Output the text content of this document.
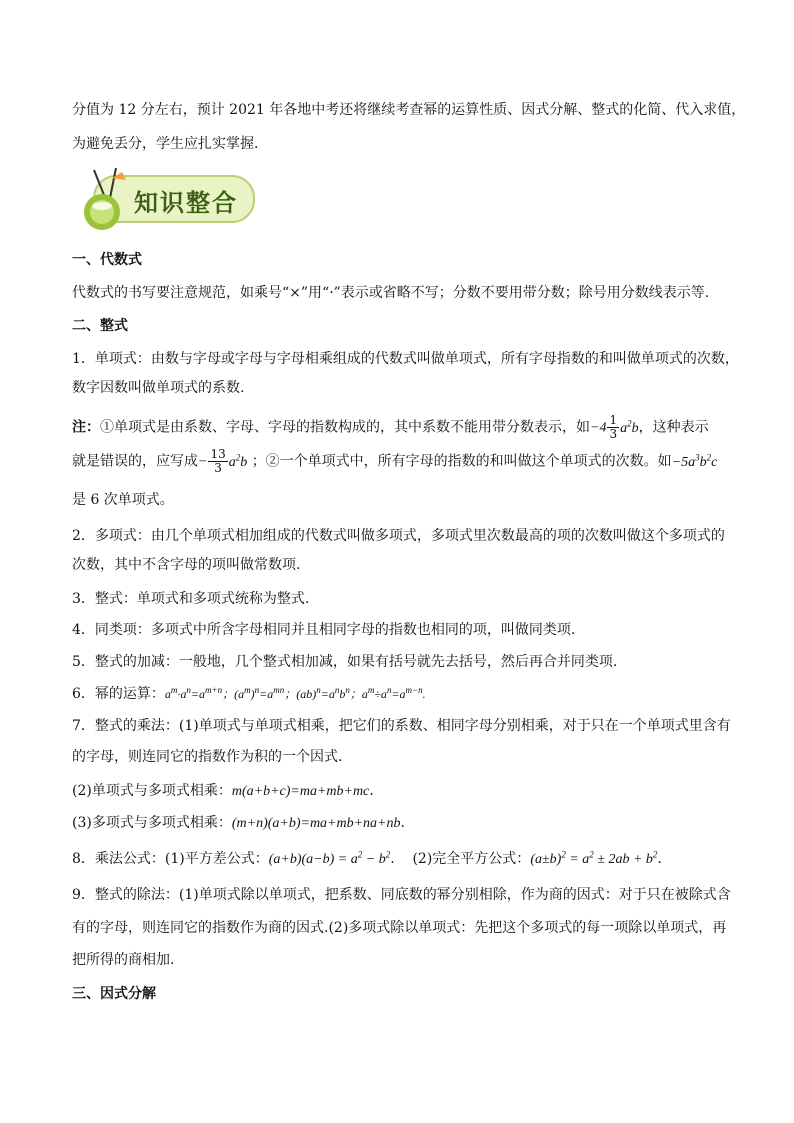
分值为 12 分左右，预计 2021 年各地中考还将继续考查幂的运算性质、因式分解、整式的化简、代入求值，
为避免丢分，学生应扎实掌握.
知识整合
一、代数式
代数式的书写要注意规范，如乘号“×”用“·”表示或省略不写；分数不要用带分数；除号用分数线表示等.
二、整式
1．单项式：由数与字母或字母与字母相乘组成的代数式叫做单项式，所有字母指数的和叫做单项式的次数，
数字因数叫做单项式的系数.
注：①单项式是由系数、字母、字母的指数构成的，其中系数不能用带分数表示，如$-4 \frac{1}{3} a^2b$，这种表示
就是错误的，应写成− $\frac{13}{3} a^2b$ ；②一个单项式中，所有字母的指数的和叫做这个单项式的次数。如$-5a^3b^2c$
是 6 次单项式。
2．多项式：由几个单项式相加组成的代数式叫做多项式，多项式里次数最高的项的次数叫做这个多项式的
次数，其中不含字母的项叫做常数项.
3．整式：单项式和多项式统称为整式.
4．同类项：多项式中所含字母相同并且相同字母的指数也相同的项，叫做同类项.
5．整式的加减：一般地，几个整式相加减，如果有括号就先去括号，然后再合并同类项.
6．幂的运算：$a^m\cdot a^n=a^{m+n}$；$(a^m)^n=a^{mn}$；$(ab)^n=a^nb^n$；$a^m\div a^n=a^{m-n}$.
7．整式的乘法：(1)单项式与单项式相乘，把它们的系数、相同字母分别相乘，对于只在一个单项式里含有
的字母，则连同它的指数作为积的一个因式.
(2)单项式与多项式相乘：m(a+b+c)=ma+mb+mc.
(3)多项式与多项式相乘：(m+n)(a+b)=ma+mb+na+nb.
8．乘法公式：(1)平方差公式：$(a+b)(a-b) = a^2 - b^2$.    (2)完全平方公式：$(a\pm b)^2 = a^2 \pm 2ab + b^2$.
9．整式的除法：(1)单项式除以单项式，把系数、同底数的幂分别相除，作为商的因式：对于只在被除式含
有的字母，则连同它的指数作为商的因式.(2)多项式除以单项式：先把这个多项式的每一项除以单项式，再
把所得的商相加.
三、因式分解
